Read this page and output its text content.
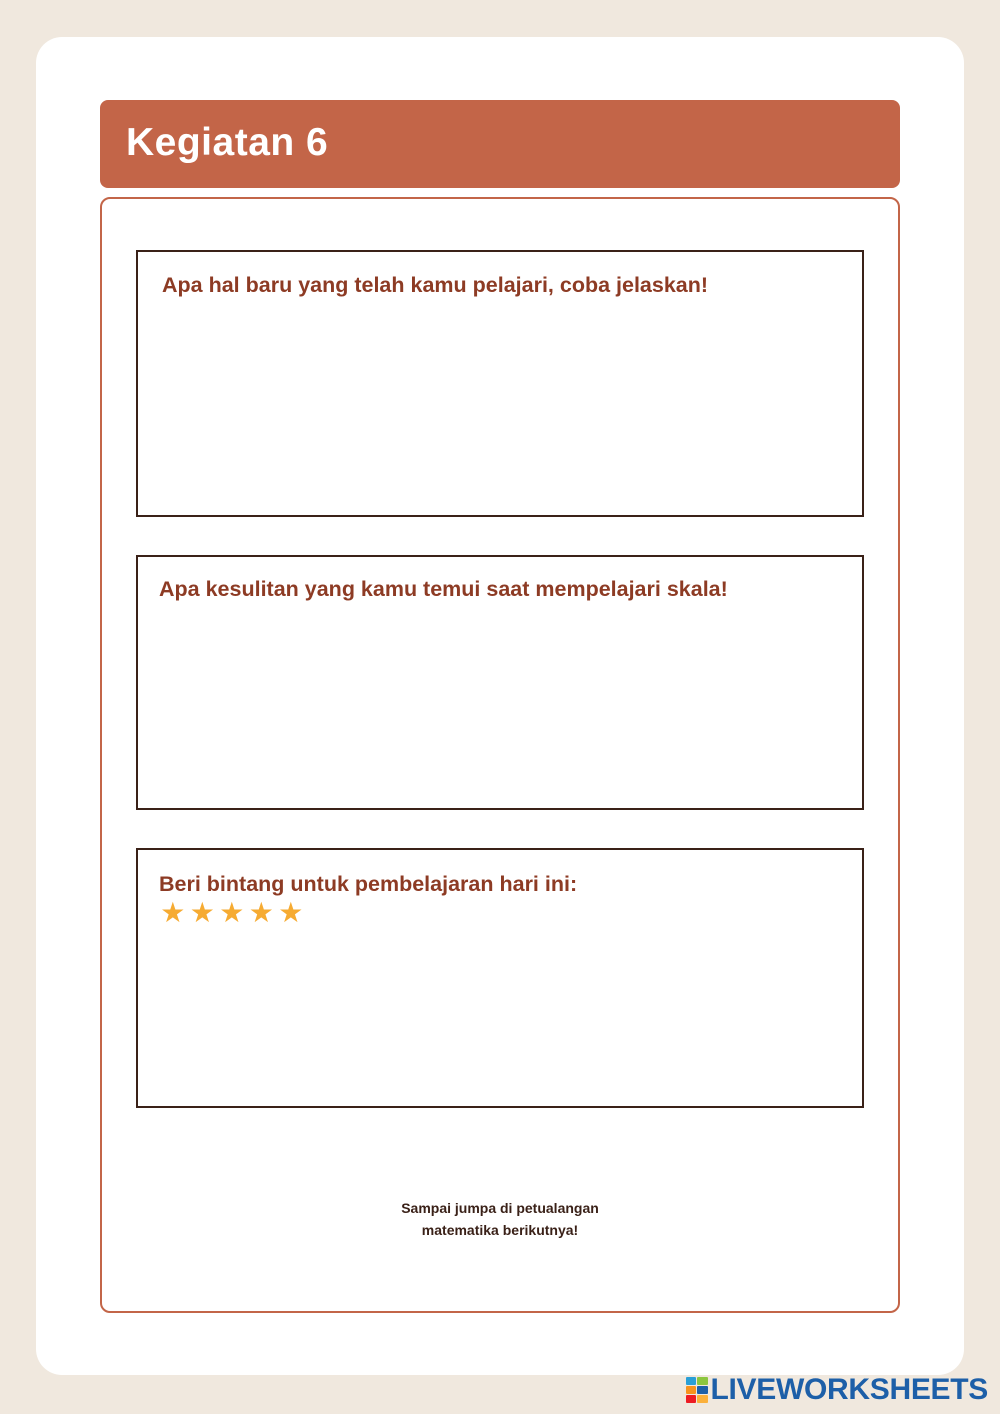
Kegiatan 6
Apa hal baru yang telah kamu pelajari, coba jelaskan!
Apa kesulitan yang kamu temui saat mempelajari skala!
Beri bintang untuk pembelajaran hari ini:
★ ★ ★ ★ ★
Sampai jumpa di petualangan
matematika berikutnya!
LIVEWORKSHEETS
